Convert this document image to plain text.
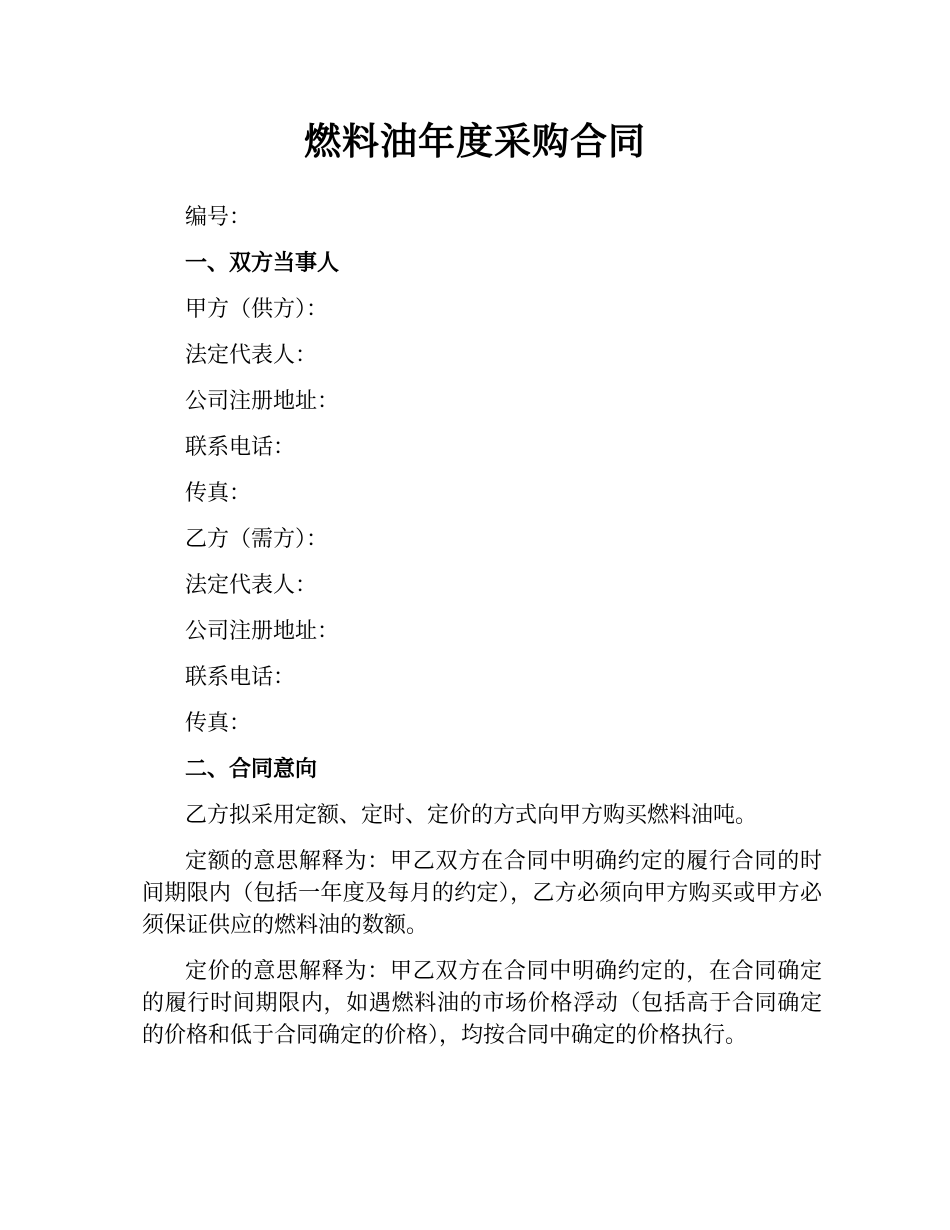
燃料油年度采购合同
编号：
一、双方当事人
甲方（供方）：
法定代表人：
公司注册地址：
联系电话：
传真：
乙方（需方）：
法定代表人：
公司注册地址：
联系电话：
传真：
二、合同意向
乙方拟采用定额、定时、定价的方式向甲方购买燃料油吨。
定额的意思解释为：甲乙双方在合同中明确约定的履行合同的时间期限内（包括一年度及每月的约定），乙方必须向甲方购买或甲方必须保证供应的燃料油的数额。
定价的意思解释为：甲乙双方在合同中明确约定的，在合同确定的履行时间期限内，如遇燃料油的市场价格浮动（包括高于合同确定的价格和低于合同确定的价格），均按合同中确定的价格执行。
